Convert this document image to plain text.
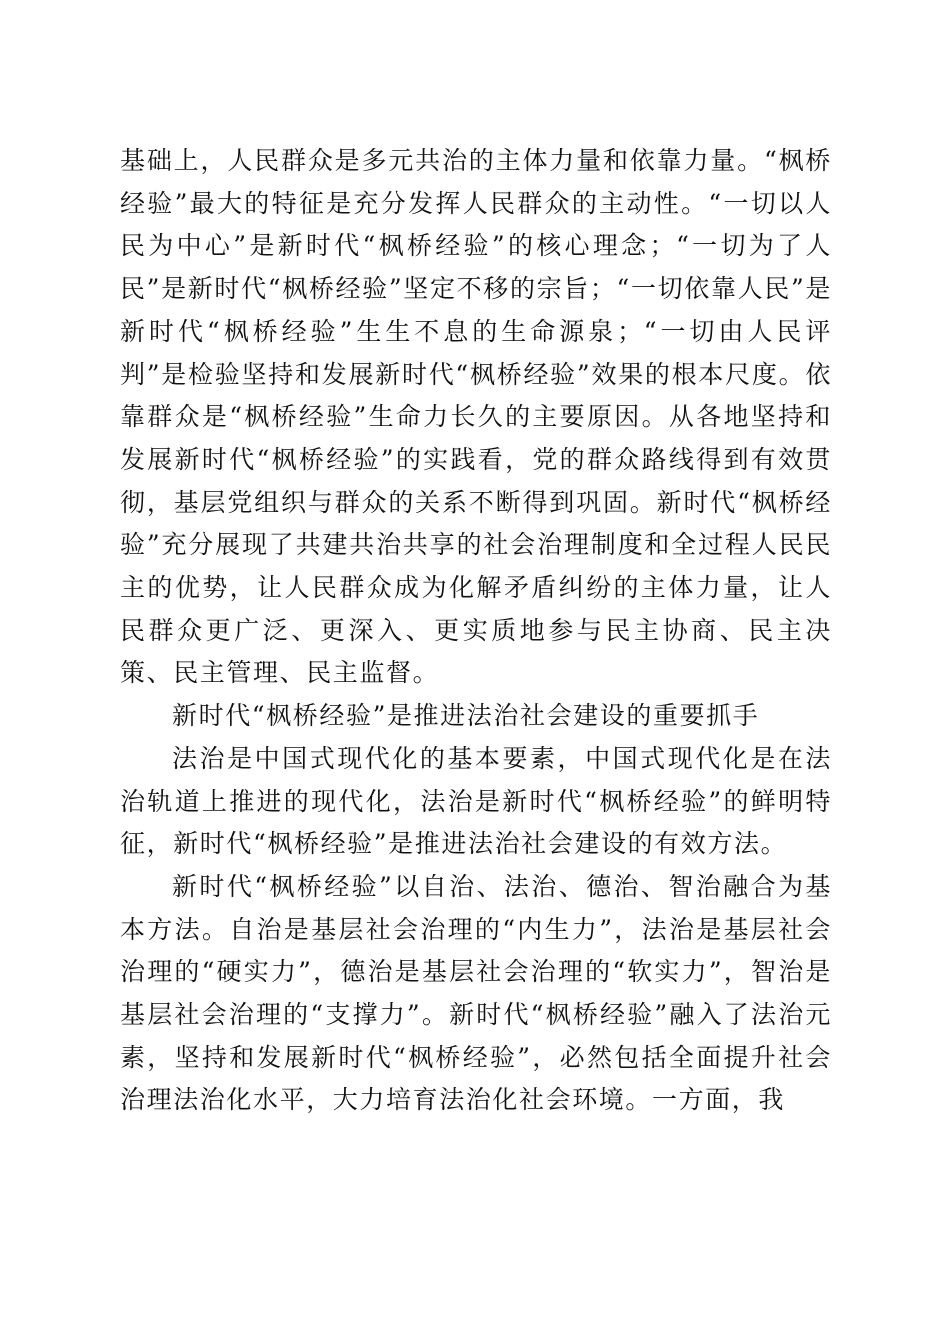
基础上，人民群众是多元共治的主体力量和依靠力量。“枫桥经验”最大的特征是充分发挥人民群众的主动性。“一切以人民为中心”是新时代“枫桥经验”的核心理念；“一切为了人民”是新时代“枫桥经验”坚定不移的宗旨；“一切依靠人民”是新时代“枫桥经验”生生不息的生命源泉；“一切由人民评判”是检验坚持和发展新时代“枫桥经验”效果的根本尺度。依靠群众是“枫桥经验”生命力长久的主要原因。从各地坚持和发展新时代“枫桥经验”的实践看，党的群众路线得到有效贯彻，基层党组织与群众的关系不断得到巩固。新时代“枫桥经验”充分展现了共建共治共享的社会治理制度和全过程人民民主的优势，让人民群众成为化解矛盾纠纷的主体力量，让人民群众更广泛、更深入、更实质地参与民主协商、民主决策、民主管理、民主监督。

新时代“枫桥经验”是推进法治社会建设的重要抓手

法治是中国式现代化的基本要素，中国式现代化是在法治轨道上推进的现代化，法治是新时代“枫桥经验”的鲜明特征，新时代“枫桥经验”是推进法治社会建设的有效方法。

新时代“枫桥经验”以自治、法治、德治、智治融合为基本方法。自治是基层社会治理的“内生力”，法治是基层社会治理的“硬实力”，德治是基层社会治理的“软实力”，智治是基层社会治理的“支撑力”。新时代“枫桥经验”融入了法治元素，坚持和发展新时代“枫桥经验”，必然包括全面提升社会治理法治化水平，大力培育法治化社会环境。一方面，我
